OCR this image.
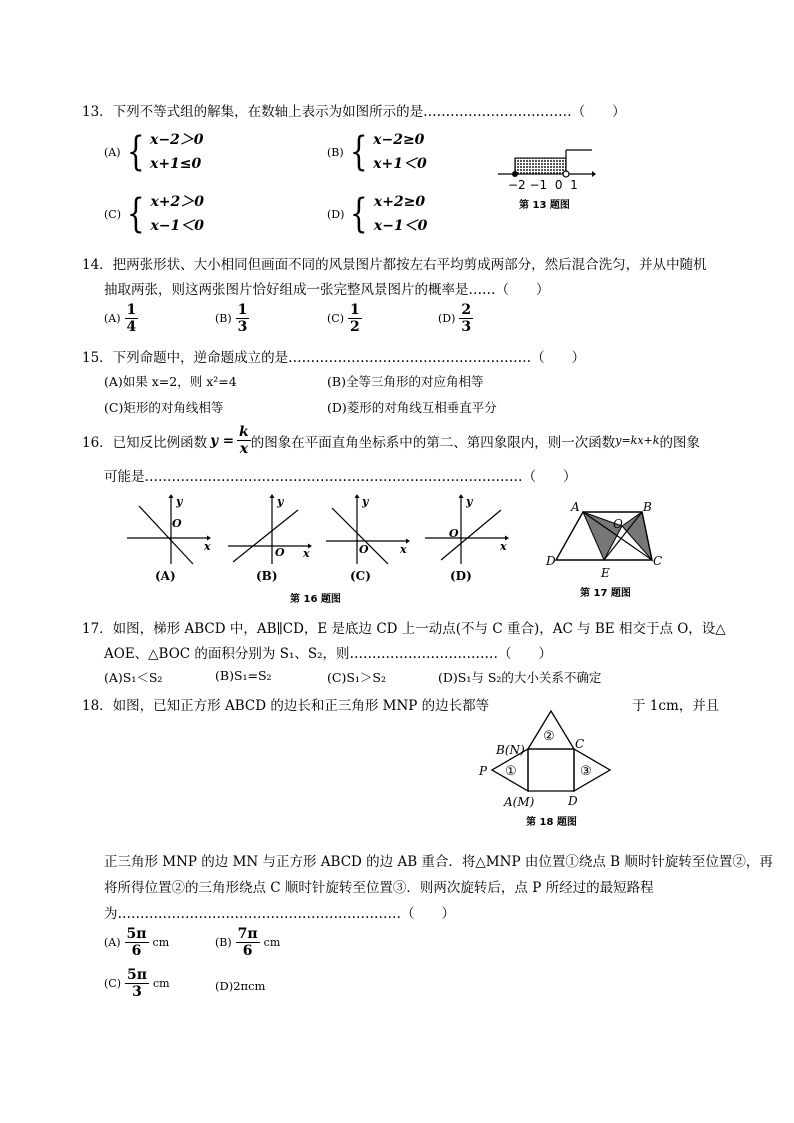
13．下列不等式组的解集，在数轴上表示为如图所示的是……………………………（　　）
(A) { x−2＞0
x+1≤0
(B) { x−2≥0
x+1＜0
(C) { x+2＞0
x−1＜0
(D) { x+2≥0
x−1＜0
−2 −1  0  1
第 13 题图
14．把两张形状、大小相同但画面不同的风景图片都按左右平均剪成两部分，然后混合洗匀，并从中随机
抽取两张，则这两张图片恰好组成一张完整风景图片的概率是……（　　）
$(A) \frac{1}{4}$	$(B) \frac{1}{3}$	$(C) \frac{1}{2}$	$(D) \frac{2}{3}$
15．下列命题中，逆命题成立的是………………………………………………（　　）
(A)如果 x=2，则 x²=4	(B)全等三角形的对应角相等
(C)矩形的对角线相等	(D)菱形的对角线互相垂直平分
16．已知反比例函数 $y = \frac{k}{x}$ 的图象在平面直角坐标系中的第二、第四象限内，则一次函数 y=kx+k 的图象
可能是…………………………………………………………………………（　　）
y
x
O
y
x
O
y
x
O
y
x
O
(A)	(B)	(C)	(D)
第 16 题图
A	B
C
D
E
O
第 17 题图
17．如图，梯形 ABCD 中，AB∥CD，E 是底边 CD 上一动点(不与 C 重合)，AC 与 BE 相交于点 O，设△
AOE、△BOC 的面积分别为 S₁、S₂，则……………………………（　　）
(A)S₁＜S₂	(B)S₁=S₂	(C)S₁＞S₂	(D)S₁与 S₂的大小关系不确定
18．如图，已知正方形 ABCD 的边长和正三角形 MNP 的边长都等	于 1cm，并且
B(N)
A(M)
C
D
P ①
②
③
第 18 题图
正三角形 MNP 的边 MN 与正方形 ABCD 的边 AB 重合．将△MNP 由位置①绕点 B 顺时针旋转至位置②，再
将所得位置②的三角形绕点 C 顺时针旋转至位置③．则两次旋转后，点 P 所经过的最短路程
为………………………………………………………（　　）
$(A) \frac{5\pi}{6}$ cm	$(B) \frac{7\pi}{6}$ cm
$(C) \frac{5\pi}{3}$ cm	(D)2πcm
